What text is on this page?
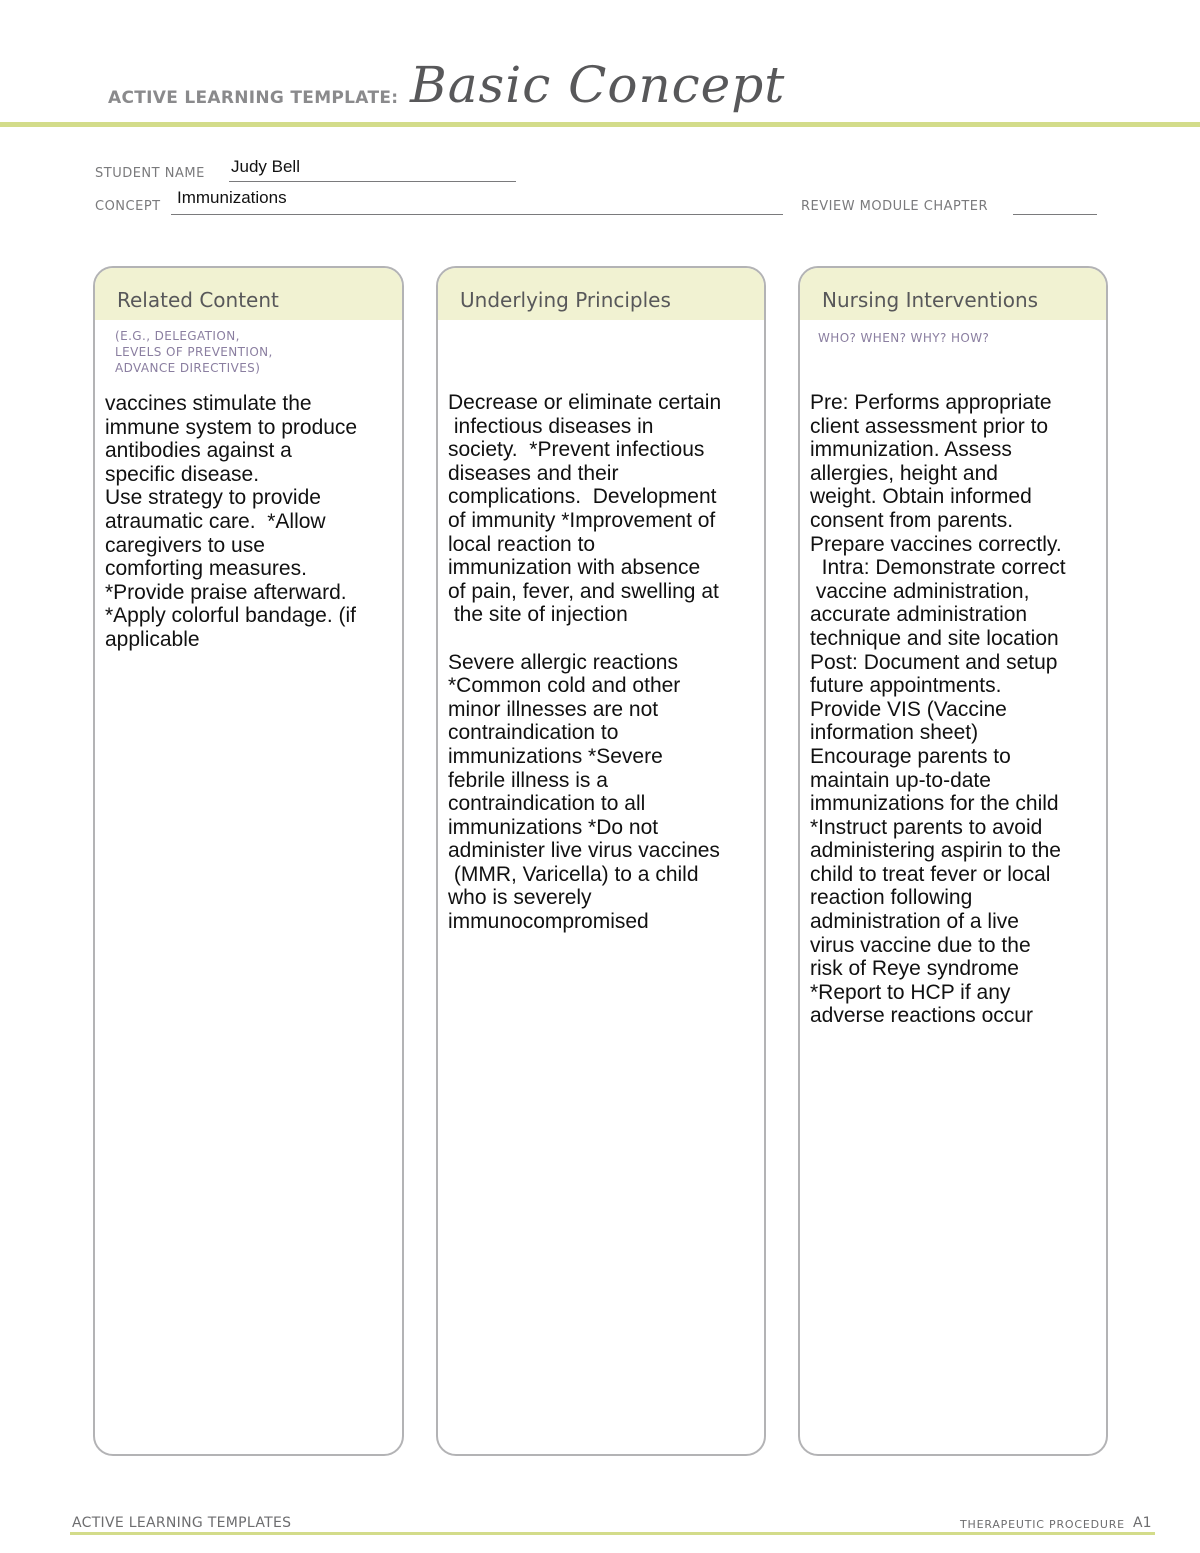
ACTIVE LEARNING TEMPLATE: Basic Concept
STUDENT NAME Judy Bell
CONCEPT Immunizations	REVIEW MODULE CHAPTER
Related Content
(E.G., DELEGATION,
LEVELS OF PREVENTION,
ADVANCE DIRECTIVES)
vaccines stimulate the
immune system to produce
antibodies against a
specific disease.
Use strategy to provide
atraumatic care.  *Allow
caregivers to use
comforting measures.
*Provide praise afterward.
*Apply colorful bandage. (if
applicable
Underlying Principles
Decrease or eliminate certain
infectious diseases in
society.  *Prevent infectious
diseases and their
complications.  Development
of immunity *Improvement of
local reaction to
immunization with absence
of pain, fever, and swelling at
the site of injection

Severe allergic reactions
*Common cold and other
minor illnesses are not
contraindication to
immunizations *Severe
febrile illness is a
contraindication to all
immunizations *Do not
administer live virus vaccines
(MMR, Varicella) to a child
who is severely
immunocompromised
Nursing Interventions
WHO? WHEN? WHY? HOW?
Pre: Performs appropriate
client assessment prior to
immunization. Assess
allergies, height and
weight. Obtain informed
consent from parents.
Prepare vaccines correctly.
Intra: Demonstrate correct
vaccine administration,
accurate administration
technique and site location
Post: Document and setup
future appointments.
Provide VIS (Vaccine
information sheet)
Encourage parents to
maintain up-to-date
immunizations for the child
*Instruct parents to avoid
administering aspirin to the
child to treat fever or local
reaction following
administration of a live
virus vaccine due to the
risk of Reye syndrome
*Report to HCP if any
adverse reactions occur
ACTIVE LEARNING TEMPLATES	THERAPEUTIC PROCEDURE A1
